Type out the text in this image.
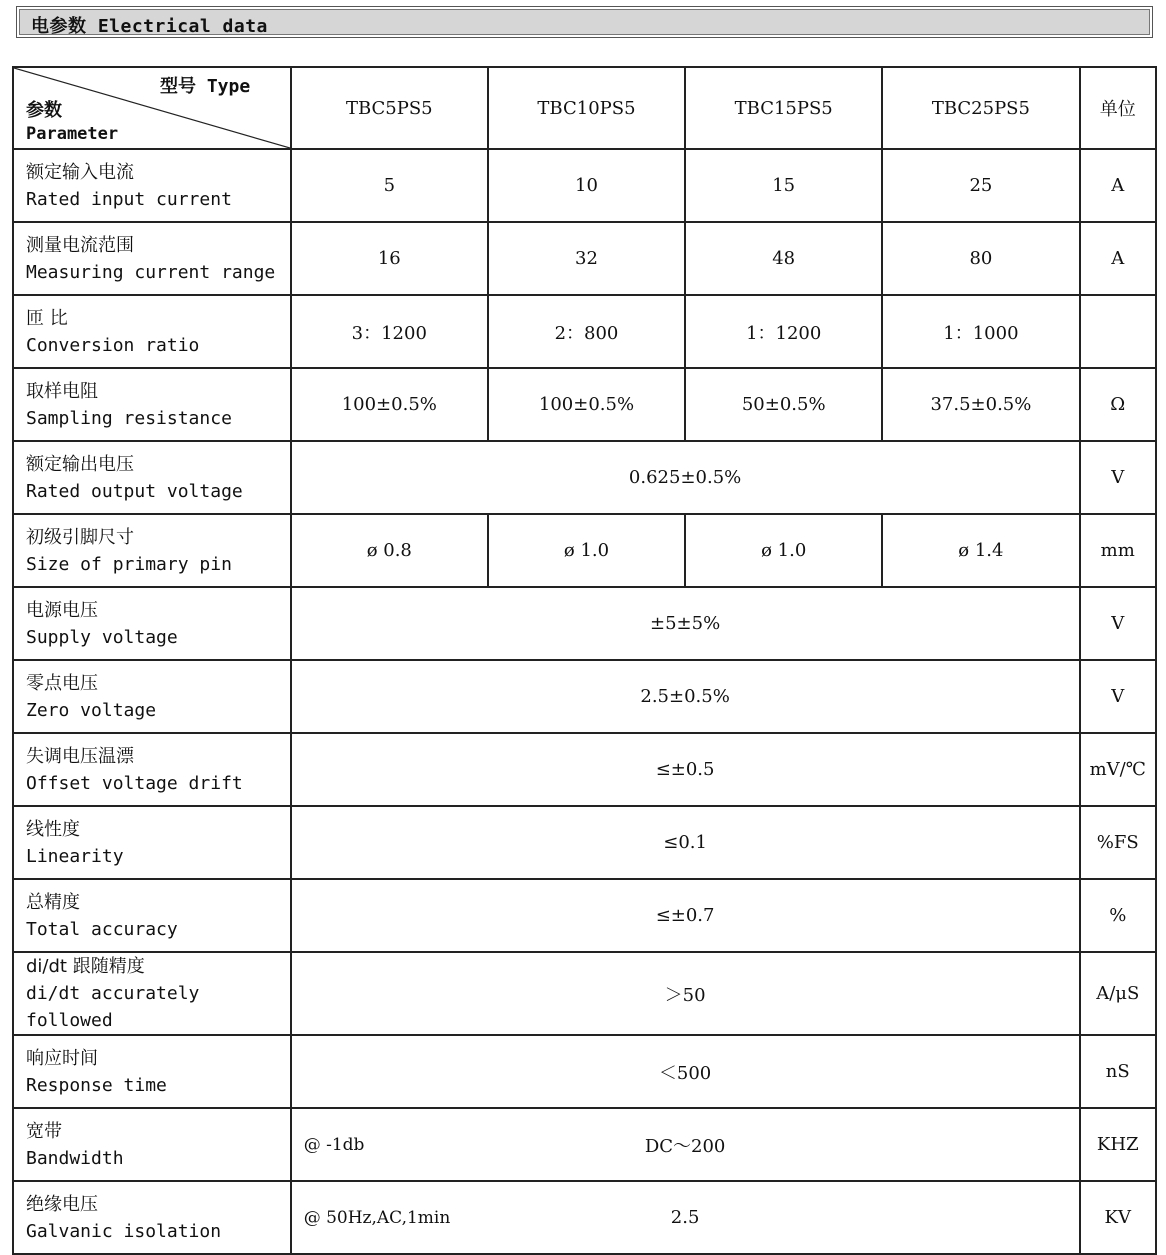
电参数 Electrical data
型号 Type
参数
Parameter	TBC5PS5	TBC10PS5	TBC15PS5	TBC25PS5	单位

额定输入电流
Rated input current	5	10	15	25	A

测量电流范围
Measuring current range	16	32	48	80	A

匝 比
Conversion ratio	3：1200	2：800	1：1200	1：1000	

取样电阻
Sampling resistance	100±0.5%	100±0.5%	50±0.5%	37.5±0.5%	Ω

额定输出电压
Rated output voltage	0.625±0.5%				V

初级引脚尺寸
Size of primary pin	ø 0.8	ø 1.0	ø 1.0	ø 1.4	mm

电源电压
Supply voltage	±5±5%				V

零点电压
Zero voltage	2.5±0.5%				V

失调电压温漂
Offset voltage drift	≤±0.5				mV/℃

线性度
Linearity	≤0.1				%FS

总精度
Total accuracy	≤±0.7				%

di/dt 跟随精度
di/dt accurately followed	＞50				A/μS

响应时间
Response time	＜500				nS

宽带
Bandwidth	@ -1db DC～200				KHZ

绝缘电压
Galvanic isolation	@ 50Hz,AC,1min 2.5				KV
